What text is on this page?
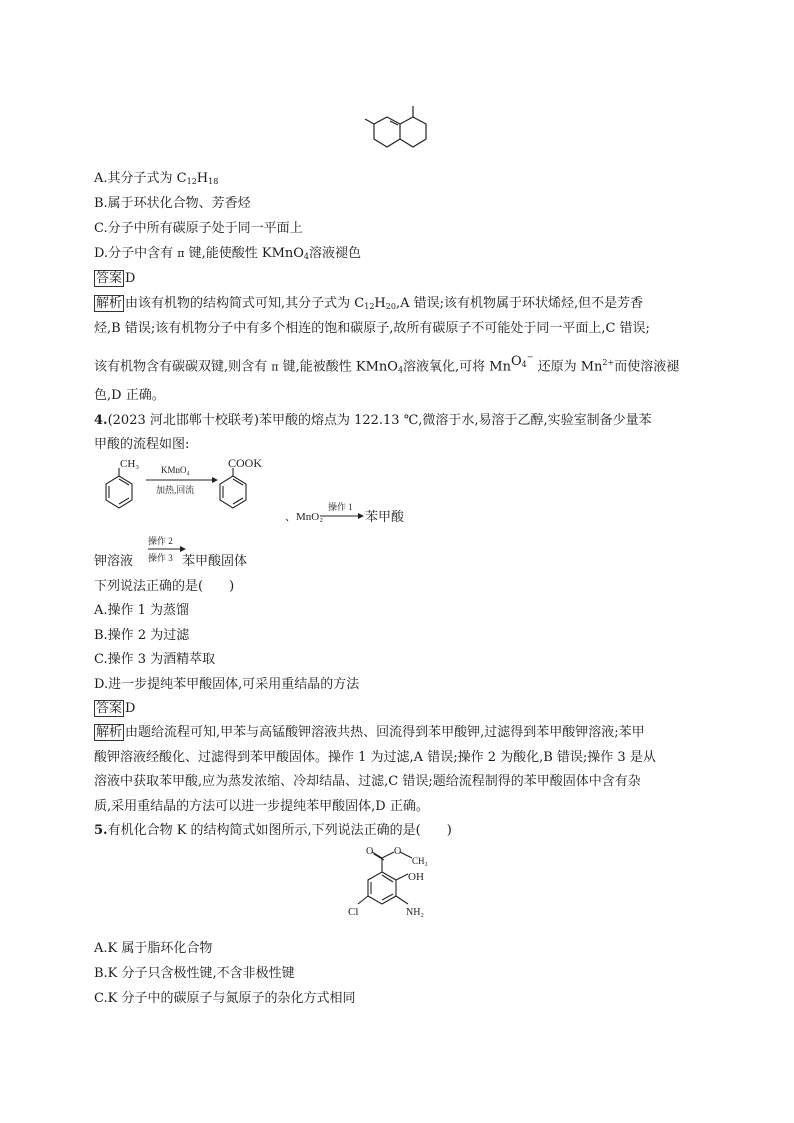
A.其分子式为 $C_{12}H_{18}$
B.属于环状化合物、芳香烃
C.分子中所有碳原子处于同一平面上
D.分子中含有 π 键,能使酸性 KMnO$_4$溶液褪色
答案 D
解析 由该有机物的结构简式可知,其分子式为 $C_{12}H_{20},A$ 错误;该有机物属于环状烯烃,但不是芳香
烃,B 错误;该有机物分子中有多个相连的饱和碳原子,故所有碳原子不可能处于同一平面上,C 错误;
该有机物含有碳碳双键,则含有 π 键,能被酸性 KMnO$_4$溶液氧化,可将 MnO$_4$− 还原为 $Mn^{2+}$而使溶液褪
色,D 正确。
4.(2023 河北邯郸十校联考)苯甲酸的熔点为 122.13 ℃,微溶于水,易溶于乙醇,实验室制备少量苯
甲酸的流程如图:
CH₃ KMnO₄
加热,回流
COOK
、MnO₂
操作 1
苯甲酸
钾溶液
操作 2
操作 3 苯甲酸固体
下列说法正确的是(　　)
A.操作 1 为蒸馏
B.操作 2 为过滤
C.操作 3 为酒精萃取
D.进一步提纯苯甲酸固体,可采用重结晶的方法
答案 D
解析 由题给流程可知,甲苯与高锰酸钾溶液共热、回流得到苯甲酸钾,过滤得到苯甲酸钾溶液;苯甲
酸钾溶液经酸化、过滤得到苯甲酸固体。操作 1 为过滤,A 错误;操作 2 为酸化,B 错误;操作 3 是从
溶液中获取苯甲酸,应为蒸发浓缩、冷却结晶、过滤,C 错误;题给流程制得的苯甲酸固体中含有杂
质,采用重结晶的方法可以进一步提纯苯甲酸固体,D 正确。
5.有机化合物 K 的结构简式如图所示,下列说法正确的是(　　)
O O
CH₃
OH
Cl	NH₂
A.K 属于脂环化合物
B.K 分子只含极性键,不含非极性键
C.K 分子中的碳原子与氮原子的杂化方式相同
